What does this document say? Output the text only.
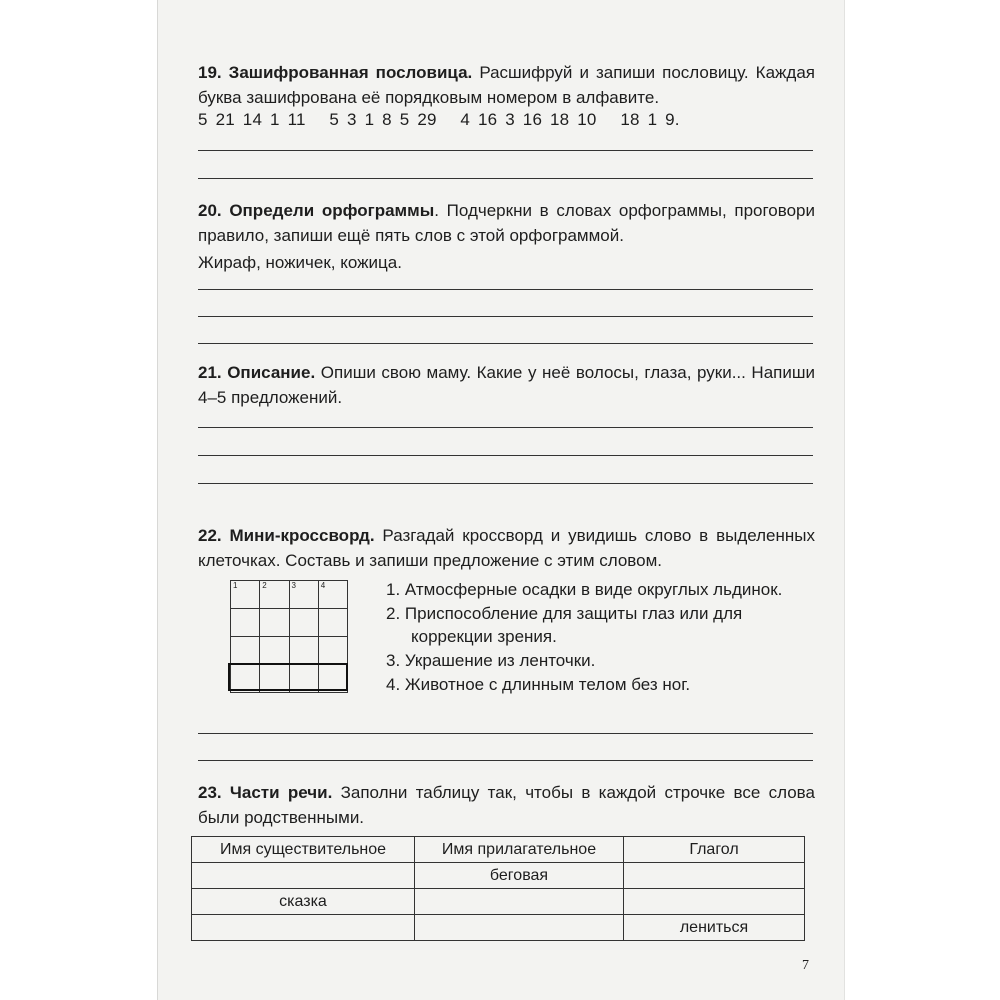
19. Зашифрованная пословица. Расшифруй и запиши пословицу. Каждая буква зашифрована её порядковым номером в алфавите.
5 21 14 1 11   5 3 1 8 5 29   4 16 3 16 18 10   18 1 9.
20. Определи орфограммы. Подчеркни в словах орфограммы, проговори правило, запиши ещё пять слов с этой орфограммой.
Жираф, ножичек, кожица.
21. Описание. Опиши свою маму. Какие у неё волосы, глаза, руки... Напиши 4–5 предложений.
22. Мини-кроссворд. Разгадай кроссворд и увидишь слово в выделенных клеточках. Составь и запиши предложение с этим словом.
1	2	3	4

				1. Атмосферные осадки в виде округлых льдинок.
2. Приспособление для защиты глаз или для коррекции зрения.
3. Украшение из ленточки.
4. Животное с длинным телом без ног.
23. Части речи. Заполни таблицу так, чтобы в каждой строчке все слова были родственными.
Имя существительное	Имя прилагательное	Глагол
	беговая	
сказка		
		лениться
7
